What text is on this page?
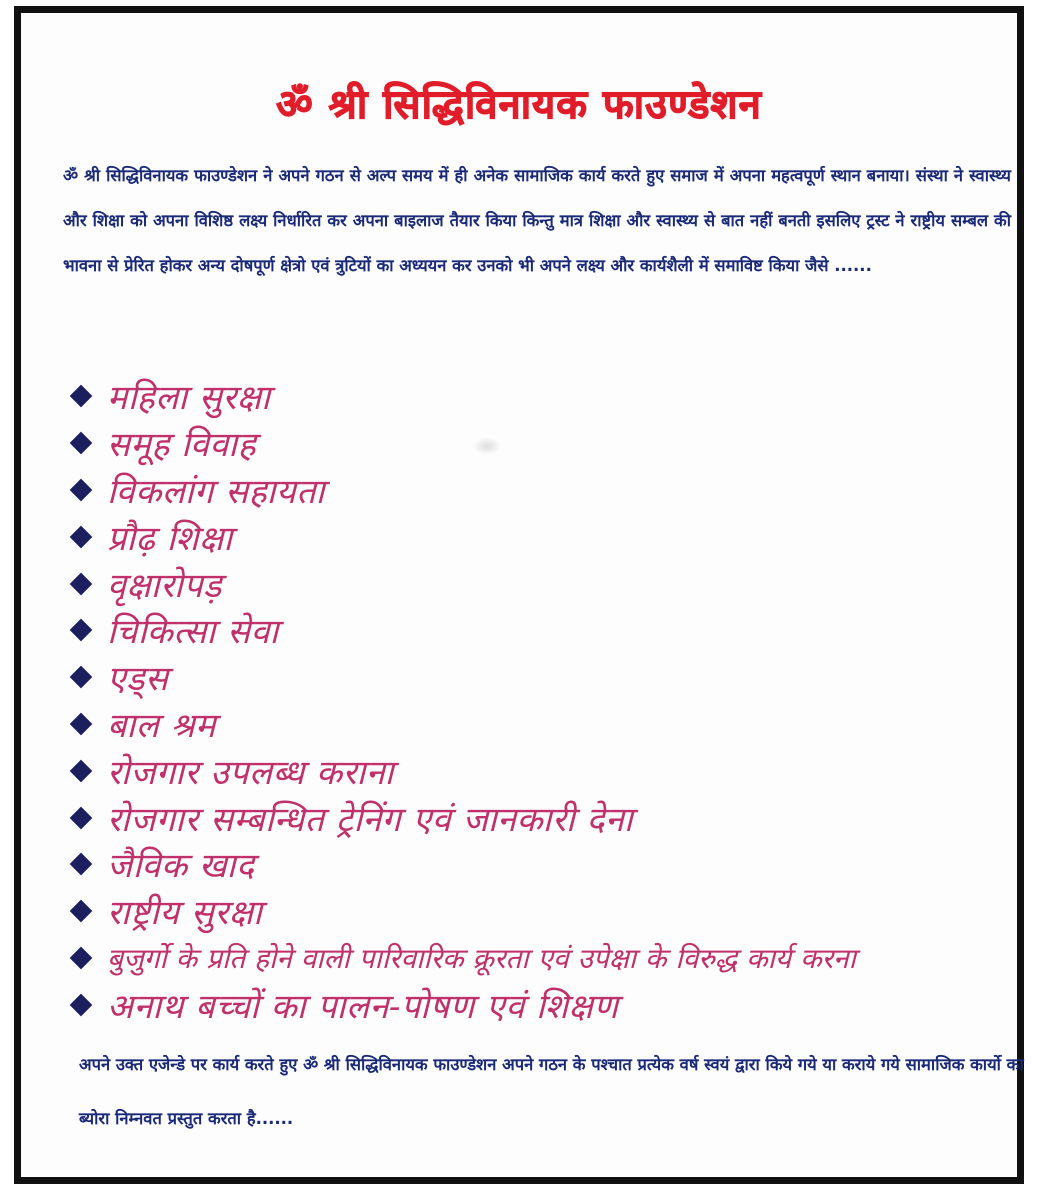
ॐ श्री सिद्धिविनायक फाउण्डेशन

ॐ श्री सिद्धिविनायक फाउण्डेशन ने अपने गठन से अल्प समय में ही अनेक सामाजिक कार्य करते हुए समाज में अपना महत्वपूर्ण स्थान बनाया। संस्था ने स्वास्थ्य और शिक्षा को अपना विशिष्ठ लक्ष्य निर्धारित कर अपना बाइलाज तैयार किया किन्तु मात्र शिक्षा और स्वास्थ्य से बात नहीं बनती इसलिए ट्रस्ट ने राष्ट्रीय सम्बल की भावना से प्रेरित होकर अन्य दोषपूर्ण क्षेत्रो एवं त्रुटियों का अध्ययन कर उनको भी अपने लक्ष्य और कार्यशैली में समाविष्ट किया जैसे ......

महिला सुरक्षा
समूह विवाह
विकलांग सहायता
प्रौढ़ शिक्षा
वृक्षारोपड़
चिकित्सा सेवा
एड्स
बाल श्रम
रोजगार उपलब्ध कराना
रोजगार सम्बन्धित ट्रेनिंग एवं जानकारी देना
जैविक खाद
राष्ट्रीय सुरक्षा
बुजुर्गो के प्रति होने वाली पारिवारिक क्रूरता एवं उपेक्षा के विरुद्ध कार्य करना
अनाथ बच्चों का पालन-पोषण एवं शिक्षण

अपने उक्त एजेन्डे पर कार्य करते हुए ॐ श्री सिद्धिविनायक फाउण्डेशन अपने गठन के पश्चात प्रत्येक वर्ष स्वयं द्वारा किये गये या कराये गये सामाजिक कार्यो का ब्योरा निम्नवत प्रस्तुत करता है......
